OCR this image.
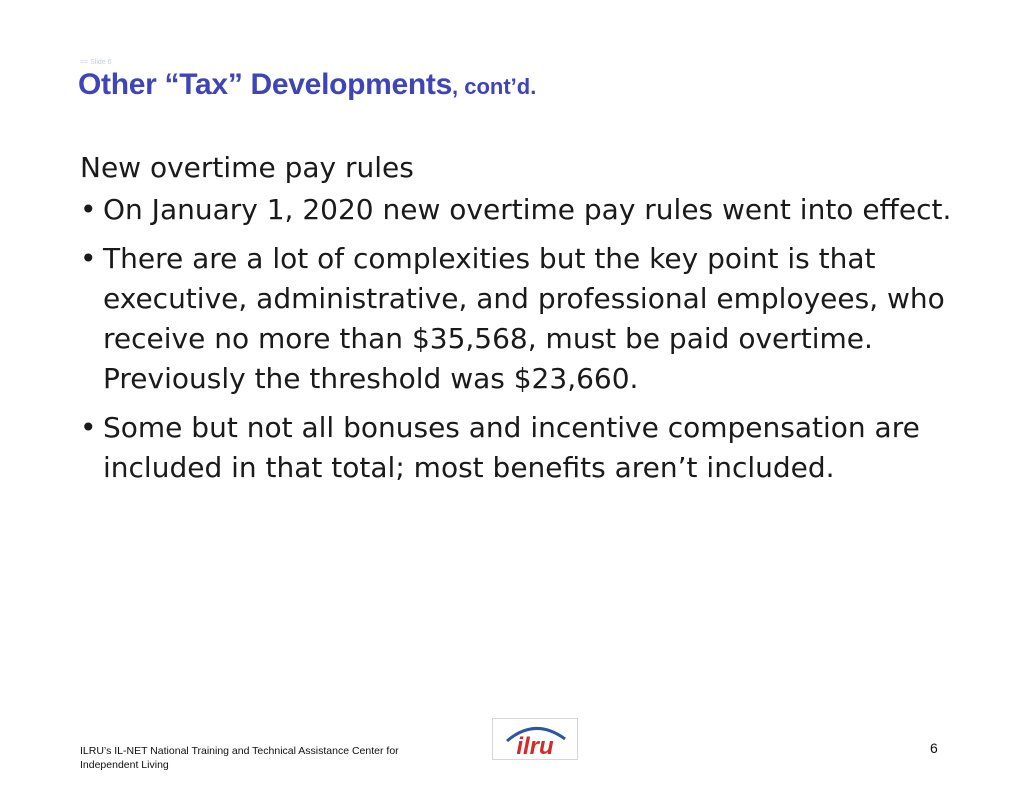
== Slide 6
Other “Tax” Developments, cont’d.
New overtime pay rules
• On January 1, 2020 new overtime pay rules went into effect.
• There are a lot of complexities but the key point is that executive, administrative, and professional employees, who receive no more than $35,568, must be paid overtime. Previously the threshold was $23,660.
• Some but not all bonuses and incentive compensation are included in that total; most benefits aren’t included.
ILRU’s IL-NET National Training and Technical Assistance Center for
Independent Living
ilru	6
